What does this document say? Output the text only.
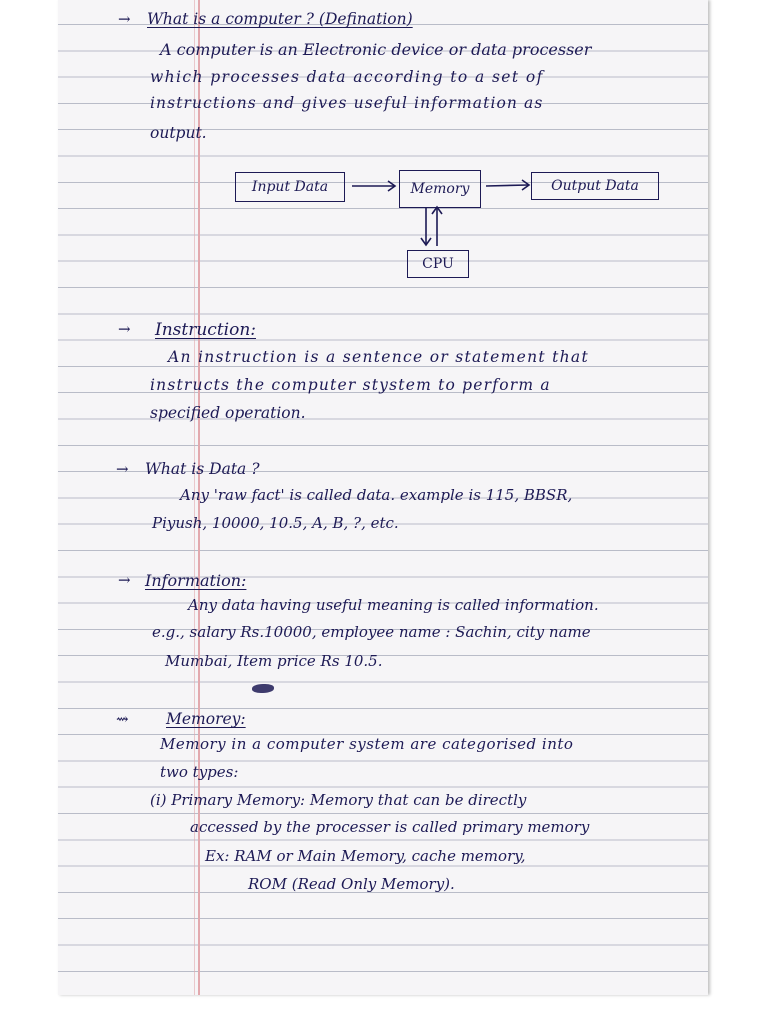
→ What is a computer ? (Defination)
A computer is an Electronic device or data processer
which processes data according to a set of
instructions and gives useful information as
output.
Input Data	Memory	Output Data
CPU
→ Instruction:
An instruction is a sentence or statement that
instructs the computer stystem to perform a
specified operation.
→ What is Data ?
Any 'raw fact' is called data. example is 115, BBSR,
Piyush, 10000, 10.5, A, B, ?, etc.
→ Information:
Any data having useful meaning is called information.
e.g., salary Rs.10000, employee name : Sachin, city name
Mumbai, Item price Rs 10.5.
⇝ Memorey:
Memory in a computer system are categorised into
two types:
(i) Primary Memory: Memory that can be directly
accessed by the processer is called primary memory
Ex: RAM or Main Memory, cache memory,
ROM (Read Only Memory).
